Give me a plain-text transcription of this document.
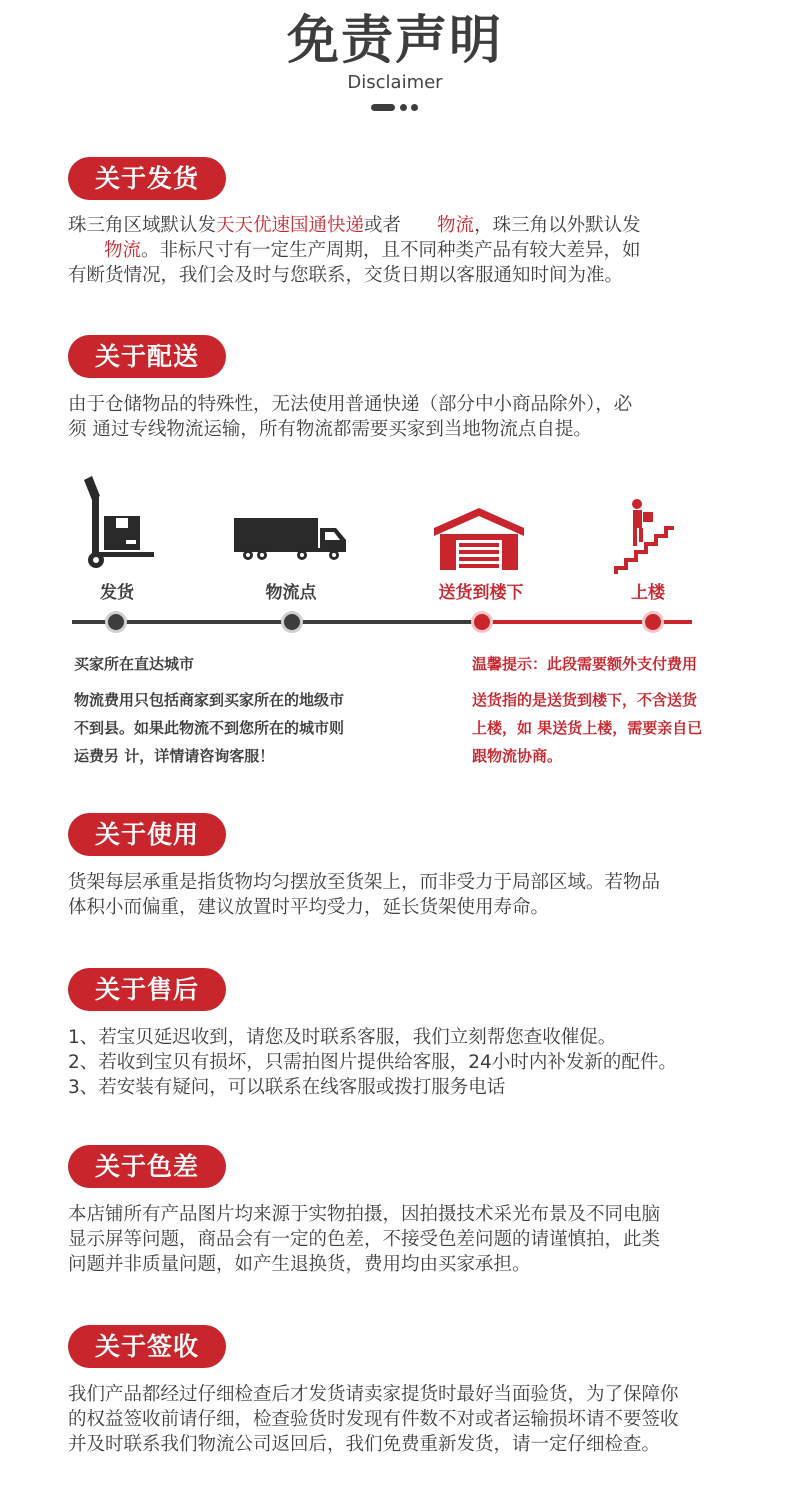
免责声明
Disclaimer
关于发货
珠三角区域默认发天天优速国通快递或者 物流，珠三角以外默认发
物流。非标尺寸有一定生产周期，且不同种类产品有较大差异，如
有断货情况，我们会及时与您联系，交货日期以客服通知时间为准。
关于配送
由于仓储物品的特殊性，无法使用普通快递（部分中小商品除外），必
须 通过专线物流运输，所有物流都需要买家到当地物流点自提。
发货	物流点	送货到楼下	上楼
买家所在直达城市
物流费用只包括商家到买家所在的地级市
不到县。如果此物流不到您所在的城市则
运费另 计，详情请咨询客服！
温馨提示：此段需要额外支付费用
送货指的是送货到楼下，不含送货
上楼，如 果送货上楼，需要亲自已
跟物流协商。
关于使用
货架每层承重是指货物均匀摆放至货架上，而非受力于局部区域。若物品
体积小而偏重，建议放置时平均受力，延长货架使用寿命。
关于售后
1、若宝贝延迟收到，请您及时联系客服，我们立刻帮您查收催促。
2、若收到宝贝有损坏，只需拍图片提供给客服，24小时内补发新的配件。
3、若安装有疑问，可以联系在线客服或拨打服务电话
关于色差
本店铺所有产品图片均来源于实物拍摄，因拍摄技术采光布景及不同电脑
显示屏等问题，商品会有一定的色差，不接受色差问题的请谨慎拍，此类
问题并非质量问题，如产生退换货，费用均由买家承担。
关于签收
我们产品都经过仔细检查后才发货请卖家提货时最好当面验货，为了保障你
的权益签收前请仔细，检查验货时发现有件数不对或者运输损坏请不要签收
并及时联系我们物流公司返回后，我们免费重新发货，请一定仔细检查。
